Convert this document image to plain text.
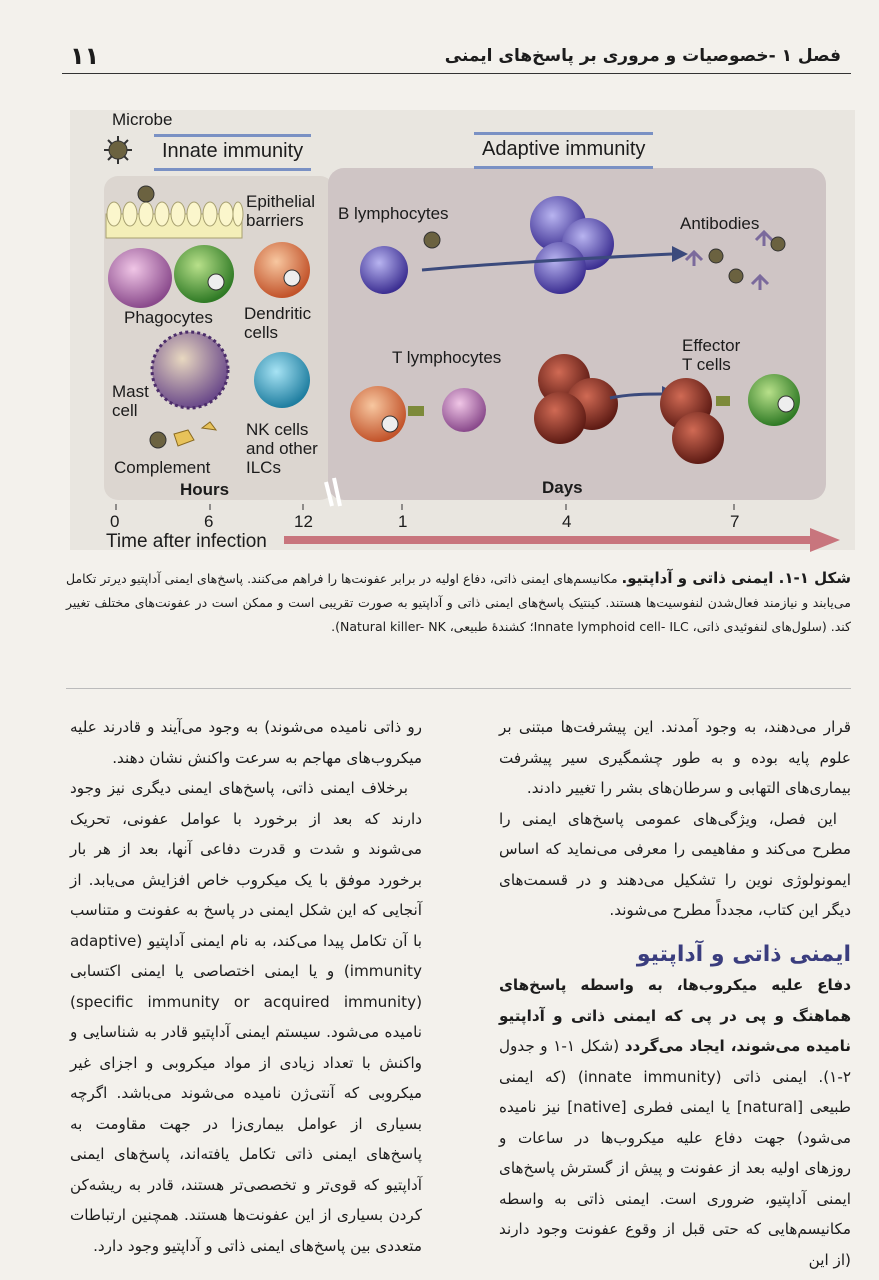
۱۱	فصل ۱ -خصوصیات و مروری بر پاسخ‌های ایمنی
Microbe
Innate immunity	Adaptive immunity
Epithelial
barriers
Phagocytes Dendritic
cells
Mast
cell
NK cells
and other
ILCs
Complement
Hours
B lymphocytes
Antibodies
T lymphocytes
Effector
T cells
Days
0	6	12	1	4	7
Time after infection
شکل ۱-۱. ایمنی ذاتی و آداپتیو. مکانیسم‌های ایمنی ذاتی، دفاع اولیه در برابر عفونت‌ها را فراهم می‌کنند. پاسخ‌های ایمنی آداپتیو دیرتر تکامل می‌یابند و نیازمند فعال‌شدن لنفوسیت‌ها هستند. کینتیک پاسخ‌های ایمنی ذاتی و آداپتیو به صورت تقریبی است و ممکن است در عفونت‌های مختلف تغییر کند. (سلول‌های لنفوئیدی ذاتی، Innate lymphoid cell- ILC؛ کشندهٔ طبیعی، Natural killer- NK).

قرار می‌دهند، به وجود آمدند. این پیشرفت‌ها مبتنی بر علوم پایه بوده و به طور چشمگیری سیر پیشرفت بیماری‌های التهابی و سرطان‌های بشر را تغییر دادند.

این فصل، ویژگی‌های عمومی پاسخ‌های ایمنی را مطرح می‌کند و مفاهیمی را معرفی می‌نماید که اساس ایمونولوژی نوین را تشکیل می‌دهند و در قسمت‌های دیگر این کتاب، مجدداً مطرح می‌شوند.

ایمنی ذاتی و آداپتیو

دفاع علیه میکروب‌ها، به واسطه پاسخ‌های هماهنگ و پی در پی که ایمنی ذاتی و آداپتیو نامیده می‌شوند، ایجاد می‌گردد (شکل ۱-۱ و جدول ۲-۱). ایمنی ذاتی (innate immunity) (که ایمنی طبیعی [natural] یا ایمنی فطری [native] نیز نامیده می‌شود) جهت دفاع علیه میکروب‌ها در ساعات و روزهای اولیه بعد از عفونت و پیش از گسترش پاسخ‌های ایمنی آداپتیو، ضروری است. ایمنی ذاتی به واسطه مکانیسم‌هایی که حتی قبل از وقوع عفونت وجود دارند (از این

رو ذاتی نامیده می‌شوند) به وجود می‌آیند و قادرند علیه میکروب‌های مهاجم به سرعت واکنش نشان دهند.

برخلاف ایمنی ذاتی، پاسخ‌های ایمنی دیگری نیز وجود دارند که بعد از برخورد با عوامل عفونی، تحریک می‌شوند و شدت و قدرت دفاعی آنها، بعد از هر بار برخورد موفق با یک میکروب خاص افزایش می‌یابد. از آنجایی که این شکل ایمنی در پاسخ به عفونت و متناسب با آن تکامل پیدا می‌کند، به نام ایمنی آداپتیو (adaptive immunity) و یا ایمنی اختصاصی یا ایمنی اکتسابی (specific immunity or acquired immunity) نامیده می‌شود. سیستم ایمنی آداپتیو قادر به شناسایی و واکنش با تعداد زیادی از مواد میکروبی و اجزای غیر میکروبی که آنتی‌ژن نامیده می‌شوند می‌باشد. اگرچه بسیاری از عوامل بیماری‌زا در جهت مقاومت به پاسخ‌های ایمنی ذاتی تکامل یافته‌اند، پاسخ‌های ایمنی آداپتیو که قوی‌تر و تخصصی‌تر هستند، قادر به ریشه‌کن کردن بسیاری از این عفونت‌ها هستند. همچنین ارتباطات متعددی بین پاسخ‌های ایمنی ذاتی و آداپتیو وجود دارد.
